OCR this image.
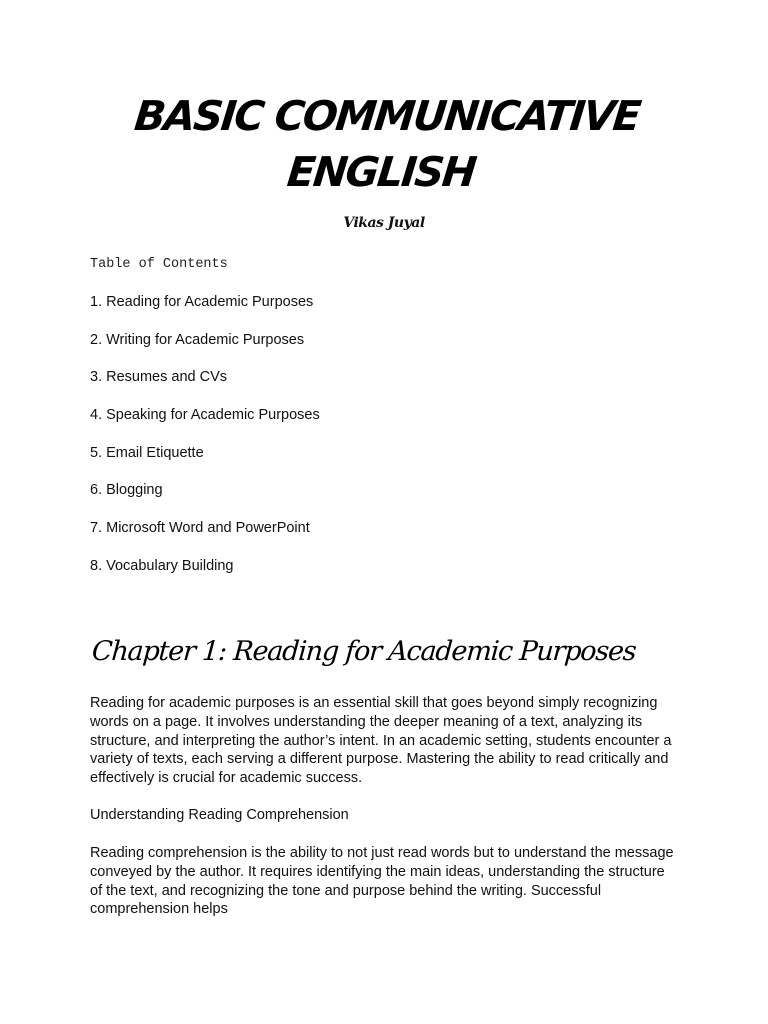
BASIC COMMUNICATIVE ENGLISH
Vikas Juyal
Table of Contents
1. Reading for Academic Purposes
2. Writing for Academic Purposes
3. Resumes and CVs
4. Speaking for Academic Purposes
5. Email Etiquette
6. Blogging
7. Microsoft Word and PowerPoint
8. Vocabulary Building
Chapter 1: Reading for Academic Purposes

Reading for academic purposes is an essential skill that goes beyond simply recognizing words on a page. It involves understanding the deeper meaning of a text, analyzing its structure, and interpreting the author’s intent. In an academic setting, students encounter a variety of texts, each serving a different purpose. Mastering the ability to read critically and effectively is crucial for academic success.

Understanding Reading Comprehension

Reading comprehension is the ability to not just read words but to understand the message conveyed by the author. It requires identifying the main ideas, understanding the structure of the text, and recognizing the tone and purpose behind the writing. Successful comprehension helps
